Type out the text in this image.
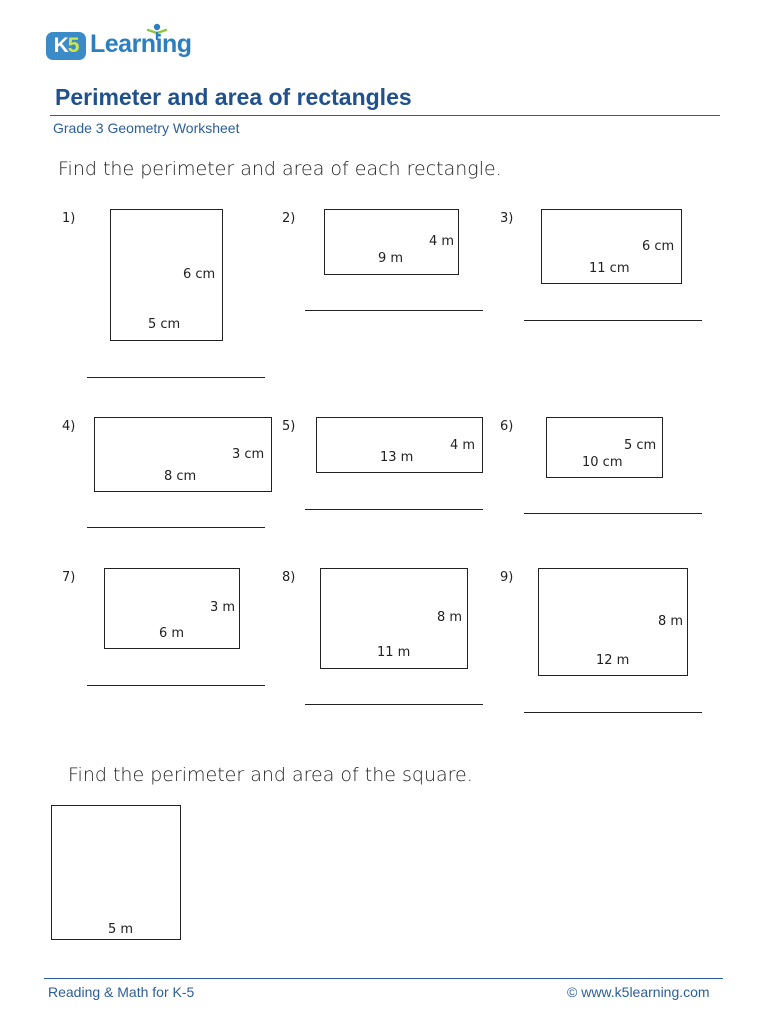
K5 Learning
Perimeter and area of rectangles
Grade 3 Geometry Worksheet
Find the perimeter and area of each rectangle.
1)
6 cm
5 cm
2)
4 m
9 m
3)
6 cm
11 cm
4)
3 cm
8 cm
5)
4 m
13 m
6)
5 cm
10 cm
7)
3 m
6 m
8)
8 m
11 m
9)
8 m
12 m
Find the perimeter and area of the square.
5 m
Reading & Math for K-5	© www.k5learning.com
